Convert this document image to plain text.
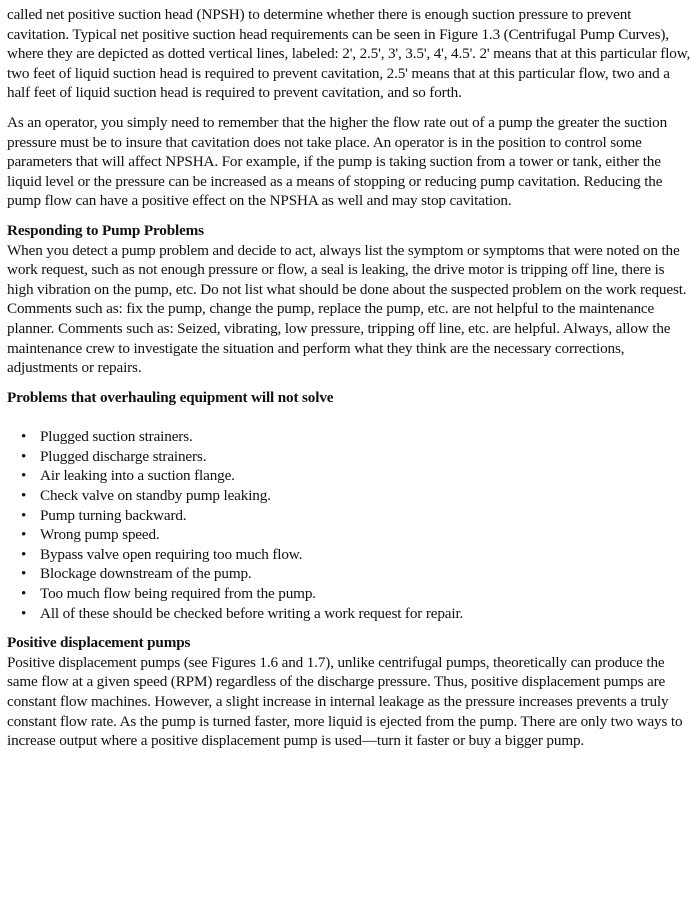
called net positive suction head (NPSH) to determine whether there is enough suction pressure to prevent cavitation. Typical net positive suction head requirements can be seen in Figure 1.3 (Centrifugal Pump Curves), where they are depicted as dotted vertical lines, labeled: 2', 2.5', 3', 3.5', 4', 4.5'. 2' means that at this particular flow, two feet of liquid suction head is required to prevent cavitation, 2.5' means that at this particular flow, two and a half feet of liquid suction head is required to prevent cavitation, and so forth.

As an operator, you simply need to remember that the higher the flow rate out of a pump the greater the suction pressure must be to insure that cavitation does not take place. An operator is in the position to control some parameters that will affect NPSHA. For example, if the pump is taking suction from a tower or tank, either the liquid level or the pressure can be increased as a means of stopping or reducing pump cavitation. Reducing the pump flow can have a positive effect on the NPSHA as well and may stop cavitation.

Responding to Pump Problems
When you detect a pump problem and decide to act, always list the symptom or symptoms that were noted on the work request, such as not enough pressure or flow, a seal is leaking, the drive motor is tripping off line, there is high vibration on the pump, etc. Do not list what should be done about the suspected problem on the work request. Comments such as: fix the pump, change the pump, replace the pump, etc. are not helpful to the maintenance planner. Comments such as: Seized, vibrating, low pressure, tripping off line, etc. are helpful. Always, allow the maintenance crew to investigate the situation and perform what they think are the necessary corrections, adjustments or repairs.
Problems that overhauling equipment will not solve
• Plugged suction strainers.
• Plugged discharge strainers.
• Air leaking into a suction flange.
• Check valve on standby pump leaking.
• Pump turning backward.
• Wrong pump speed.
• Bypass valve open requiring too much flow.
• Blockage downstream of the pump.
• Too much flow being required from the pump.
• All of these should be checked before writing a work request for repair.
Positive displacement pumps
Positive displacement pumps (see Figures 1.6 and 1.7), unlike centrifugal pumps, theoretically can produce the same flow at a given speed (RPM) regardless of the discharge pressure. Thus, positive displacement pumps are constant flow machines. However, a slight increase in internal leakage as the pressure increases prevents a truly constant flow rate. As the pump is turned faster, more liquid is ejected from the pump. There are only two ways to increase output where a positive displacement pump is used—turn it faster or buy a bigger pump.
